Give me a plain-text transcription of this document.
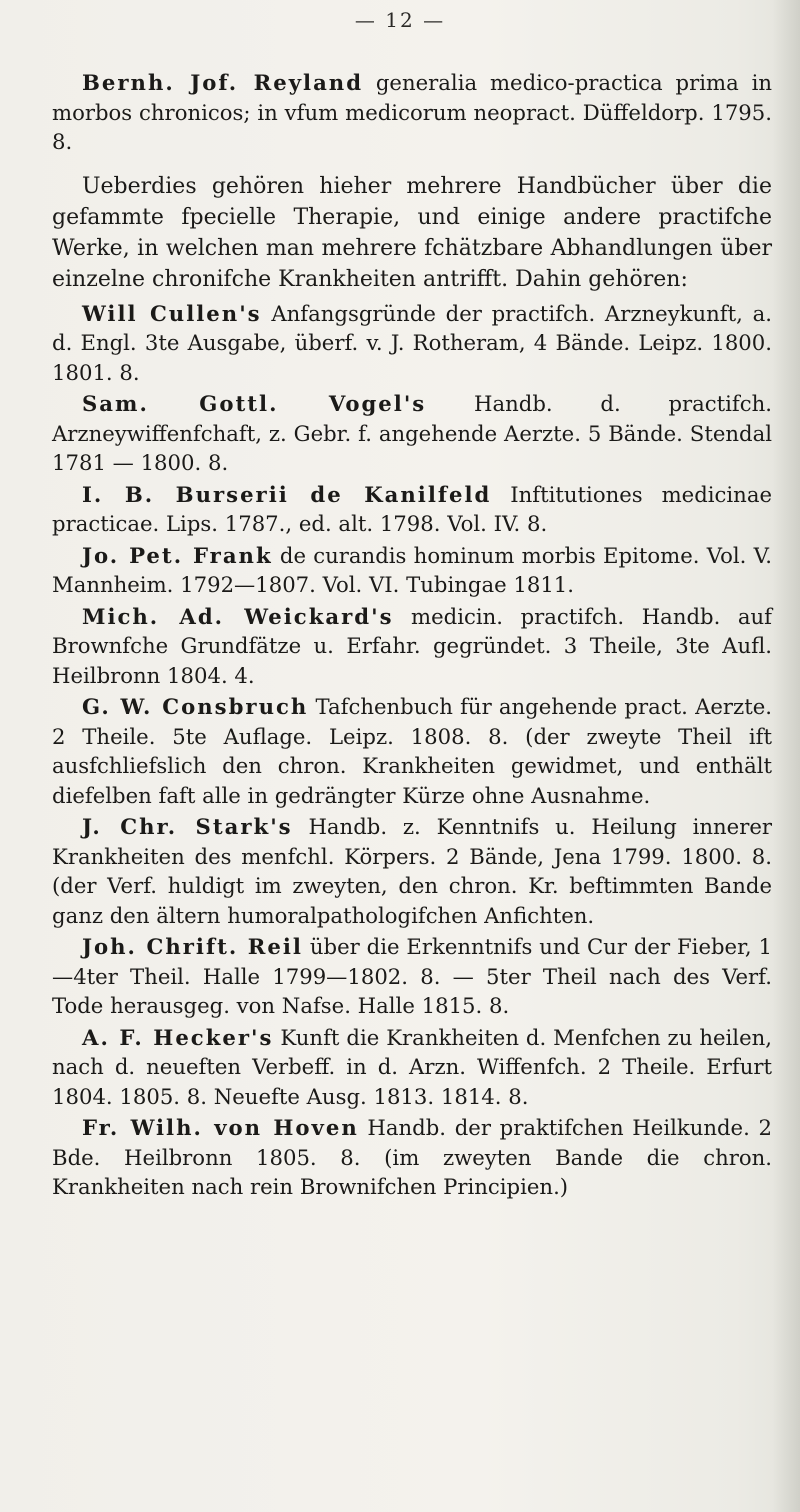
— 12 —

Bernh. Jof. Reyland generalia medico-practica prima in morbos chronicos; in vfum medicorum neopract. Düffeldorp. 1795. 8.

Ueberdies gehören hieher mehrere Handbücher über die gefammte fpecielle Therapie, und einige andere practifche Werke, in welchen man mehrere fchätzbare Abhandlungen über einzelne chronifche Krankheiten antrifft. Dahin gehören:

Will Cullen's Anfangsgründe der practifch. Arzneykunft, a. d. Engl. 3te Ausgabe, überf. v. J. Rotheram, 4 Bände. Leipz. 1800. 1801. 8.

Sam. Gottl. Vogel's Handb. d. practifch. Arzneywiffenfchaft, z. Gebr. f. angehende Aerzte. 5 Bände. Stendal 1781 — 1800. 8.

I. B. Burserii de Kanilfeld Inftitutiones medicinae practicae. Lips. 1787., ed. alt. 1798. Vol. IV. 8.

Jo. Pet. Frank de curandis hominum morbis Epitome. Vol. V. Mannheim. 1792—1807. Vol. VI. Tubingae 1811.

Mich. Ad. Weickard's medicin. practifch. Handb. auf Brownfche Grundfätze u. Erfahr. gegründet. 3 Theile, 3te Aufl. Heilbronn 1804. 4.

G. W. Consbruch Tafchenbuch für angehende pract. Aerzte. 2 Theile. 5te Auflage. Leipz. 1808. 8. (der zweyte Theil ift ausfchliefslich den chron. Krankheiten gewidmet, und enthält diefelben faft alle in gedrängter Kürze ohne Ausnahme.

J. Chr. Stark's Handb. z. Kenntnifs u. Heilung innerer Krankheiten des menfchl. Körpers. 2 Bände, Jena 1799. 1800. 8. (der Verf. huldigt im zweyten, den chron. Kr. beftimmten Bande ganz den ältern humoralpathologifchen Anfichten.

Joh. Chrift. Reil über die Erkenntnifs und Cur der Fieber, 1—4ter Theil. Halle 1799—1802. 8. — 5ter Theil nach des Verf. Tode herausgeg. von Nafse. Halle 1815. 8.

A. F. Hecker's Kunft die Krankheiten d. Menfchen zu heilen, nach d. neueften Verbeff. in d. Arzn. Wiffenfch. 2 Theile. Erfurt 1804. 1805. 8. Neuefte Ausg. 1813. 1814. 8.

Fr. Wilh. von Hoven Handb. der praktifchen Heilkunde. 2 Bde. Heilbronn 1805. 8. (im zweyten Bande die chron. Krankheiten nach rein Brownifchen Principien.)
